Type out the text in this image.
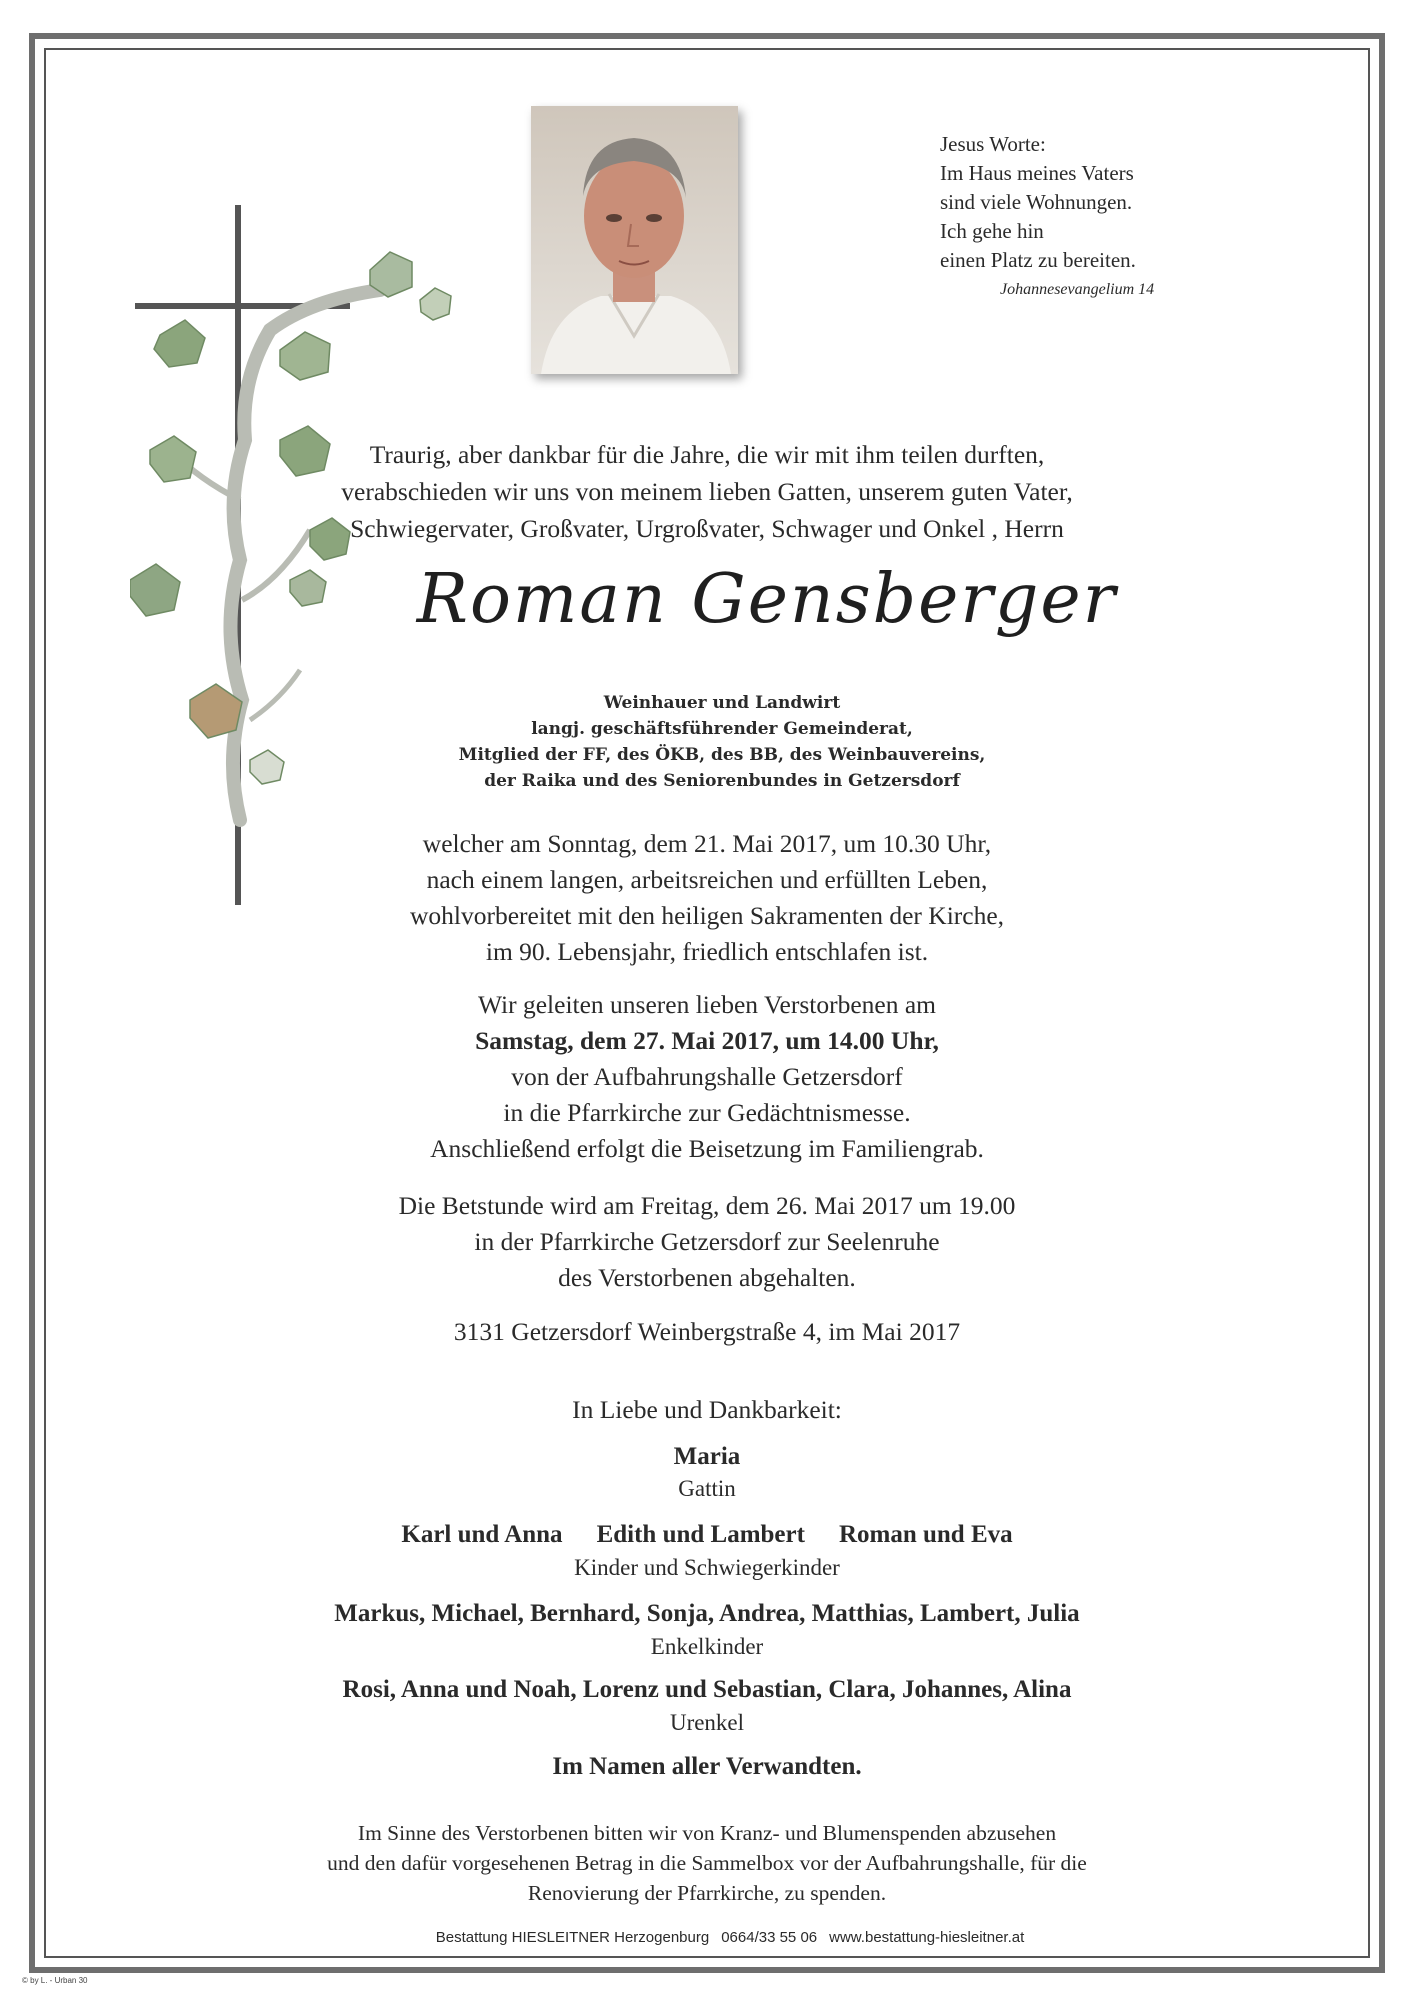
Jesus Worte:
Im Haus meines Vaters
sind viele Wohnungen.
Ich gehe hin
einen Platz zu bereiten.
Johannesevangelium 14
Traurig, aber dankbar für die Jahre, die wir mit ihm teilen durften,
verabschieden wir uns von meinem lieben Gatten, unserem guten Vater,
Schwiegervater, Großvater, Urgroßvater, Schwager und Onkel , Herrn
Roman Gensberger
Weinhauer und Landwirt
langj. geschäftsführender Gemeinderat,
Mitglied der FF, des ÖKB, des BB, des Weinbauvereins,
der Raika und des Seniorenbundes in Getzersdorf
welcher am Sonntag, dem 21. Mai 2017, um 10.30 Uhr,
nach einem langen, arbeitsreichen und erfüllten Leben,
wohlvorbereitet mit den heiligen Sakramenten der Kirche,
im 90. Lebensjahr, friedlich entschlafen ist.
Wir geleiten unseren lieben Verstorbenen am
Samstag, dem 27. Mai 2017, um 14.00 Uhr,
von der Aufbahrungshalle Getzersdorf
in die Pfarrkirche zur Gedächtnismesse.
Anschließend erfolgt die Beisetzung im Familiengrab.
Die Betstunde wird am Freitag, dem 26. Mai 2017 um 19.00
in der Pfarrkirche Getzersdorf zur Seelenruhe
des Verstorbenen abgehalten.
3131 Getzersdorf Weinbergstraße 4, im Mai 2017
In Liebe und Dankbarkeit:
Maria
Gattin
Karl und Anna Edith und Lambert Roman und Eva
Kinder und Schwiegerkinder
Markus, Michael, Bernhard, Sonja, Andrea, Matthias, Lambert, Julia
Enkelkinder
Rosi, Anna und Noah, Lorenz und Sebastian, Clara, Johannes, Alina
Urenkel
Im Namen aller Verwandten.
Im Sinne des Verstorbenen bitten wir von Kranz- und Blumenspenden abzusehen
und den dafür vorgesehenen Betrag in die Sammelbox vor der Aufbahrungshalle, für die
Renovierung der Pfarrkirche, zu spenden.
Bestattung HIESLEITNER Herzogenburg 0664/33 55 06 www.bestattung-hiesleitner.at
© by L. - Urban 30
